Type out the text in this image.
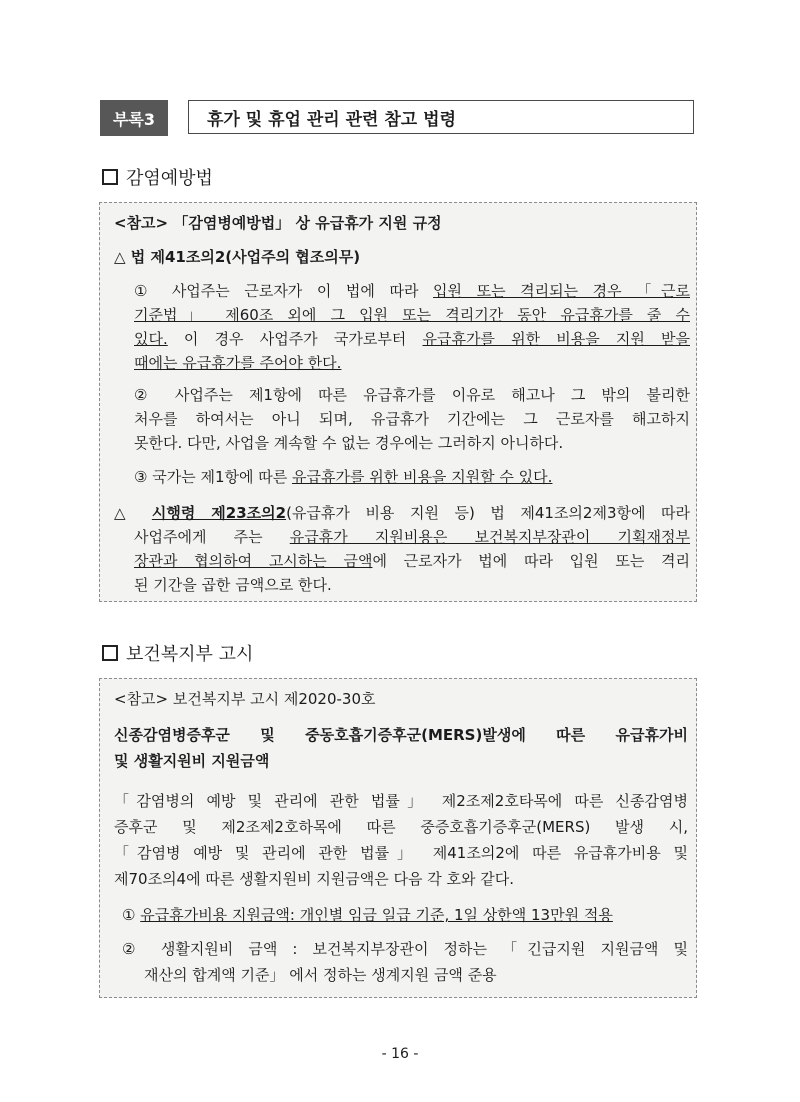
부록3	휴가 및 휴업 관리 관련 참고 법령
감염예방법
<참고> 「감염병예방법」 상 유급휴가 지원 규정
△ 법 제41조의2(사업주의 협조의무)
① 사업주는 근로자가 이 법에 따라 입원 또는 격리되는 경우 「근로
기준법」 제60조 외에 그 입원 또는 격리기간 동안 유급휴가를 줄 수
있다. 이 경우 사업주가 국가로부터 유급휴가를 위한 비용을 지원 받을
때에는 유급휴가를 주어야 한다.
② 사업주는 제1항에 따른 유급휴가를 이유로 해고나 그 밖의 불리한
처우를 하여서는 아니 되며, 유급휴가 기간에는 그 근로자를 해고하지
못한다. 다만, 사업을 계속할 수 없는 경우에는 그러하지 아니하다.
③ 국가는 제1항에 따른 유급휴가를 위한 비용을 지원할 수 있다.
△ 시행령 제23조의2(유급휴가 비용 지원 등) 법 제41조의2제3항에 따라
사업주에게 주는 유급휴가 지원비용은 보건복지부장관이 기획재정부
장관과 협의하여 고시하는 금액에 근로자가 법에 따라 입원 또는 격리
된 기간을 곱한 금액으로 한다.
보건복지부 고시
<참고> 보건복지부 고시 제2020-30호
신종감염병증후군 및 중동호흡기증후군(MERS)발생에 따른 유급휴가비
및 생활지원비 지원금액
「감염병의 예방 및 관리에 관한 법률」 제2조제2호타목에 따른 신종감염병
증후군 및 제2조제2호하목에 따른 중증호흡기증후군(MERS) 발생 시,
「감염병 예방 및 관리에 관한 법률」 제41조의2에 따른 유급휴가비용 및
제70조의4에 따른 생활지원비 지원금액은 다음 각 호와 같다.
① 유급휴가비용 지원금액: 개인별 임금 일급 기준, 1일 상한액 13만원 적용
② 생활지원비 금액 : 보건복지부장관이 정하는 「긴급지원 지원금액 및
재산의 합계액 기준」 에서 정하는 생계지원 금액 준용
- 16 -
